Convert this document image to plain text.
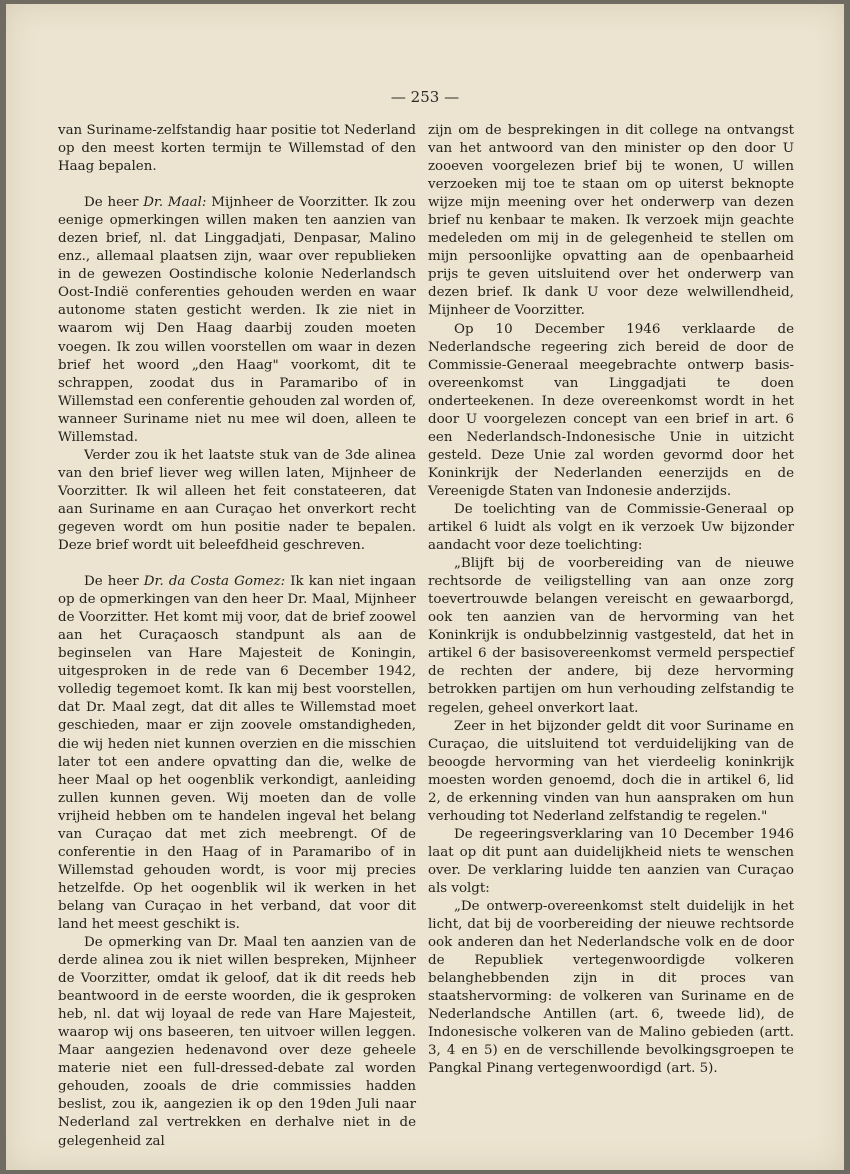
— 253 —

van Suriname-zelfstandig haar positie tot Nederland op den meest korten termijn te Willemstad of den Haag bepalen.

De heer Dr. Maal: Mijnheer de Voorzitter. Ik zou eenige opmerkingen willen maken ten aanzien van dezen brief, nl. dat Linggadjati, Denpasar, Malino enz., allemaal plaatsen zijn, waar over republieken in de gewezen Oostindische kolonie Nederlandsch Oost-Indië conferenties gehouden werden en waar autonome staten gesticht werden. Ik zie niet in waarom wij Den Haag daarbij zouden moeten voegen. Ik zou willen voorstellen om waar in dezen brief het woord „den Haag" voorkomt, dit te schrappen, zoodat dus in Paramaribo of in Willemstad een conferentie gehouden zal worden of, wanneer Suriname niet nu mee wil doen, alleen te Willemstad.

Verder zou ik het laatste stuk van de 3de alinea van den brief liever weg willen laten, Mijnheer de Voorzitter. Ik wil alleen het feit constateeren, dat aan Suriname en aan Curaçao het onverkort recht gegeven wordt om hun positie nader te bepalen. Deze brief wordt uit beleefdheid geschreven.

De heer Dr. da Costa Gomez: Ik kan niet ingaan op de opmerkingen van den heer Dr. Maal, Mijnheer de Voorzitter. Het komt mij voor, dat de brief zoowel aan het Curaçaosch standpunt als aan de beginselen van Hare Majesteit de Koningin, uitgesproken in de rede van 6 December 1942, volledig tegemoet komt. Ik kan mij best voorstellen, dat Dr. Maal zegt, dat dit alles te Willemstad moet geschieden, maar er zijn zoovele omstandigheden, die wij heden niet kunnen overzien en die misschien later tot een andere opvatting dan die, welke de heer Maal op het oogenblik verkondigt, aanleiding zullen kunnen geven. Wij moeten dan de volle vrijheid hebben om te handelen ingeval het belang van Curaçao dat met zich meebrengt. Of de conferentie in den Haag of in Paramaribo of in Willemstad gehouden wordt, is voor mij precies hetzelfde. Op het oogenblik wil ik werken in het belang van Curaçao in het verband, dat voor dit land het meest geschikt is.

De opmerking van Dr. Maal ten aanzien van de derde alinea zou ik niet willen bespreken, Mijnheer de Voorzitter, omdat ik geloof, dat ik dit reeds heb beantwoord in de eerste woorden, die ik gesproken heb, nl. dat wij loyaal de rede van Hare Majesteit, waarop wij ons baseeren, ten uitvoer willen leggen. Maar aangezien hedenavond over deze geheele materie niet een full-dressed-debate zal worden gehouden, zooals de drie commissies hadden beslist, zou ik, aangezien ik op den 19den Juli naar Nederland zal vertrekken en derhalve niet in de gelegenheid zal

zijn om de besprekingen in dit college na ontvangst van het antwoord van den minister op den door U zooeven voorgelezen brief bij te wonen, U willen verzoeken mij toe te staan om op uiterst beknopte wijze mijn meening over het onderwerp van dezen brief nu kenbaar te maken. Ik verzoek mijn geachte medeleden om mij in de gelegenheid te stellen om mijn persoonlijke opvatting aan de openbaarheid prijs te geven uitsluitend over het onderwerp van dezen brief. Ik dank U voor deze welwillendheid, Mijnheer de Voorzitter.

Op 10 December 1946 verklaarde de Nederlandsche regeering zich bereid de door de Commissie-Generaal meegebrachte ontwerp basis-overeenkomst van Linggadjati te doen onderteekenen. In deze overeenkomst wordt in het door U voorgelezen concept van een brief in art. 6 een Nederlandsch-Indonesische Unie in uitzicht gesteld. Deze Unie zal worden gevormd door het Koninkrijk der Nederlanden eenerzijds en de Vereenigde Staten van Indonesie anderzijds.

De toelichting van de Commissie-Generaal op artikel 6 luidt als volgt en ik verzoek Uw bijzonder aandacht voor deze toelichting:

„Blijft bij de voorbereiding van de nieuwe rechtsorde de veiligstelling van aan onze zorg toevertrouwde belangen vereischt en gewaarborgd, ook ten aanzien van de hervorming van het Koninkrijk is ondubbelzinnig vastgesteld, dat het in artikel 6 der basisovereenkomst vermeld perspectief de rechten der andere, bij deze hervorming betrokken partijen om hun verhouding zelfstandig te regelen, geheel onverkort laat.

Zeer in het bijzonder geldt dit voor Suriname en Curaçao, die uitsluitend tot verduidelijking van de beoogde hervorming van het vierdeelig koninkrijk moesten worden genoemd, doch die in artikel 6, lid 2, de erkenning vinden van hun aanspraken om hun verhouding tot Nederland zelfstandig te regelen."

De regeeringsverklaring van 10 December 1946 laat op dit punt aan duidelijkheid niets te wenschen over. De verklaring luidde ten aanzien van Curaçao als volgt:

„De ontwerp-overeenkomst stelt duidelijk in het licht, dat bij de voorbereiding der nieuwe rechtsorde ook anderen dan het Nederlandsche volk en de door de Republiek vertegenwoordigde volkeren belanghebbenden zijn in dit proces van staatshervorming: de volkeren van Suriname en de Nederlandsche Antillen (art. 6, tweede lid), de Indonesische volkeren van de Malino gebieden (artt. 3, 4 en 5) en de verschillende bevolkingsgroepen te Pangkal Pinang vertegenwoordigd (art. 5).
